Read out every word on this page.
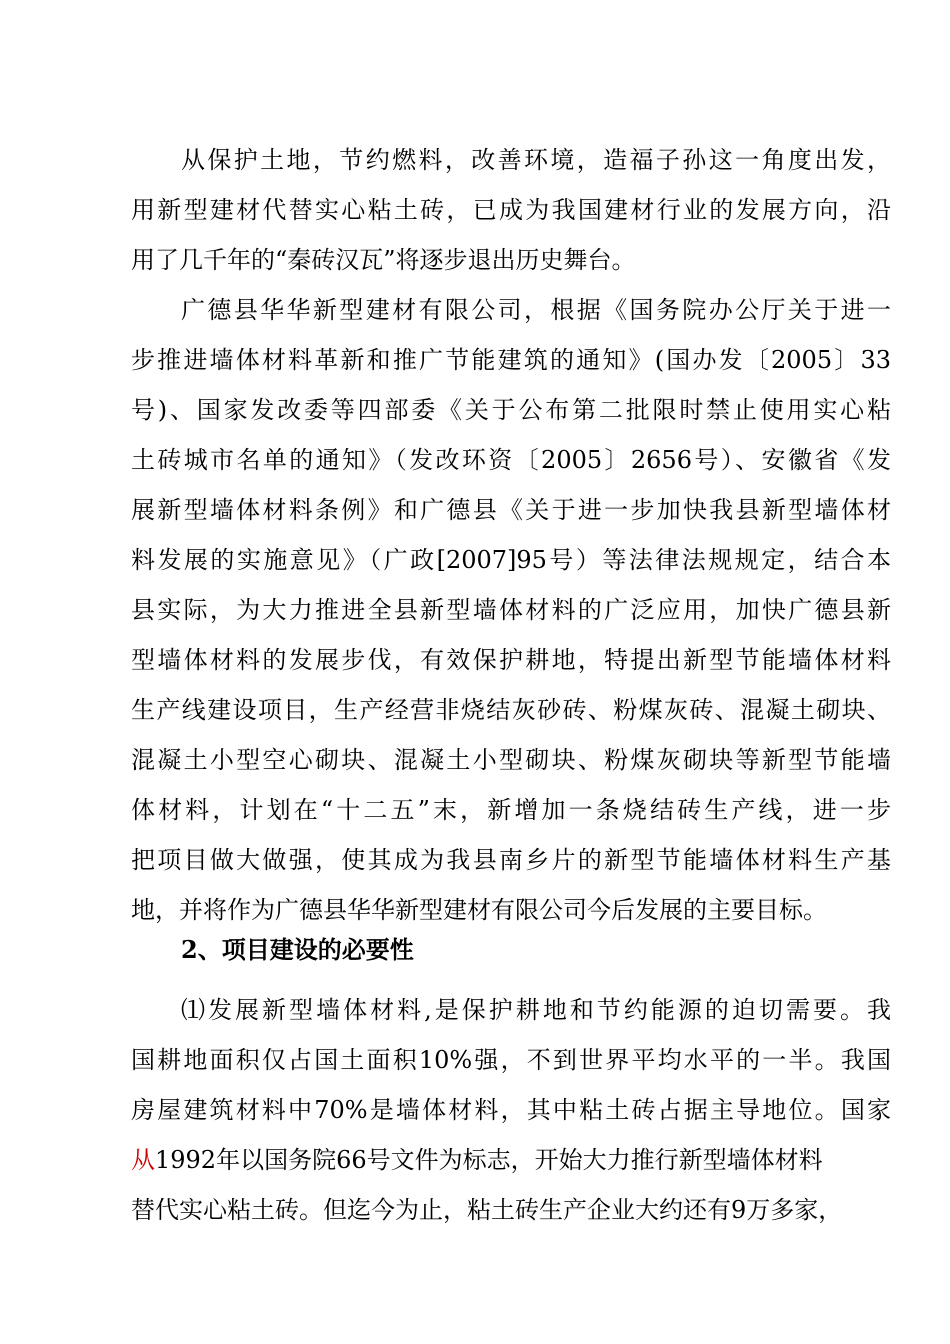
从保护土地，节约燃料，改善环境，造福子孙这一角度出发，
用新型建材代替实心粘土砖，已成为我国建材行业的发展方向，沿
用了几千年的“秦砖汉瓦”将逐步退出历史舞台。
广德县华华新型建材有限公司，根据《国务院办公厅关于进一
步推进墙体材料革新和推广节能建筑的通知》(国办发〔2005〕33
号)、国家发改委等四部委《关于公布第二批限时禁止使用实心粘
土砖城市名单的通知》（发改环资〔2005〕2656号）、安徽省《发
展新型墙体材料条例》和广德县《关于进一步加快我县新型墙体材
料发展的实施意见》（广政[2007]95号）等法律法规规定，结合本
县实际，为大力推进全县新型墙体材料的广泛应用，加快广德县新
型墙体材料的发展步伐，有效保护耕地，特提出新型节能墙体材料
生产线建设项目，生产经营非烧结灰砂砖、粉煤灰砖、混凝土砌块、
混凝土小型空心砌块、混凝土小型砌块、粉煤灰砌块等新型节能墙
体材料，计划在“十二五”末，新增加一条烧结砖生产线，进一步
把项目做大做强，使其成为我县南乡片的新型节能墙体材料生产基
地，并将作为广德县华华新型建材有限公司今后发展的主要目标。
2、项目建设的必要性
⑴发展新型墙体材料,是保护耕地和节约能源的迫切需要。我
国耕地面积仅占国土面积10%强，不到世界平均水平的一半。我国
房屋建筑材料中70%是墙体材料，其中粘土砖占据主导地位。国家
从1992年以国务院66号文件为标志，开始大力推行新型墙体材料
替代实心粘土砖。但迄今为止，粘土砖生产企业大约还有9万多家，
